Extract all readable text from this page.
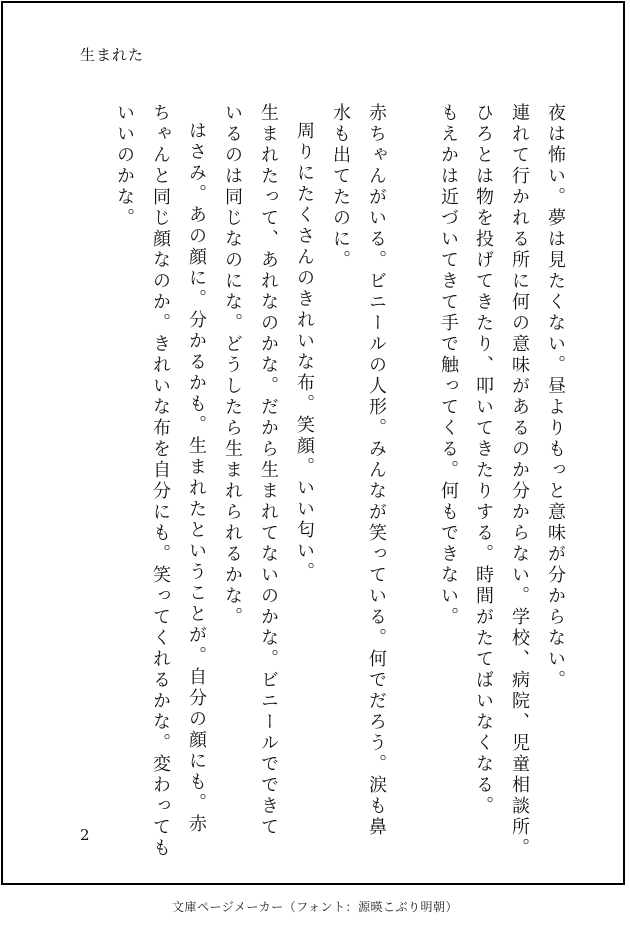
生まれた
夜は怖い。夢は見たくない。昼よりもっと意味が分からない。
連れて行かれる所に何の意味があるのか分からない。学校、病院、児童相談所。
ひろとは物を投げてきたり、叩いてきたりする。時間がたてばいなくなる。
もえかは近づいてきて手で触ってくる。何もできない。
赤ちゃんがいる。ビニールの人形。みんなが笑っている。何でだろう。涙も鼻
水も出てたのに。
周りにたくさんのきれいな布。笑顔。いい匂い。
生まれたって、あれなのかな。だから生まれてないのかな。ビニールでできて
いるのは同じなのにな。どうしたら生まれられるかな。
はさみ。あの顔に。分かるかも。生まれたということが。自分の顔にも。赤
ちゃんと同じ顔なのか。きれいな布を自分にも。笑ってくれるかな。変わっても
いいのかな。
2
文庫ページメーカー（フォント：源暎こぶり明朝）
